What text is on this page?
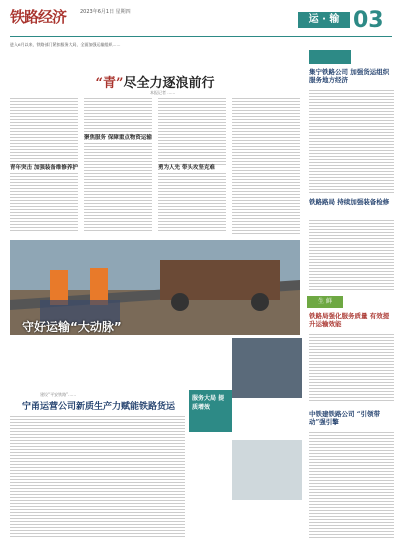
铁路经济	2023年6月1日 星期四
运 · 输 03
进入6月以来，铁路部门紧扣服务大局，全面加强运输组织……
“青”尽全力逐浪前行
本报记者 ……
青年突击 加强装备维修养护
聚焦服务 保障重点物资运输
勇为人先 带头攻坚克难
守好运输“大动脉”
集宁铁路公司 加强货运组织 服务地方经济
铁路路局 持续加强装备检修
生 鲜
铁路局强化服务质量 有效提升运输效能
中铁建铁路公司 “引领带动”强引擎
建设“平安铁路”……
宁甬运营公司新质生产力赋能铁路货运
服务大局 提质增效
